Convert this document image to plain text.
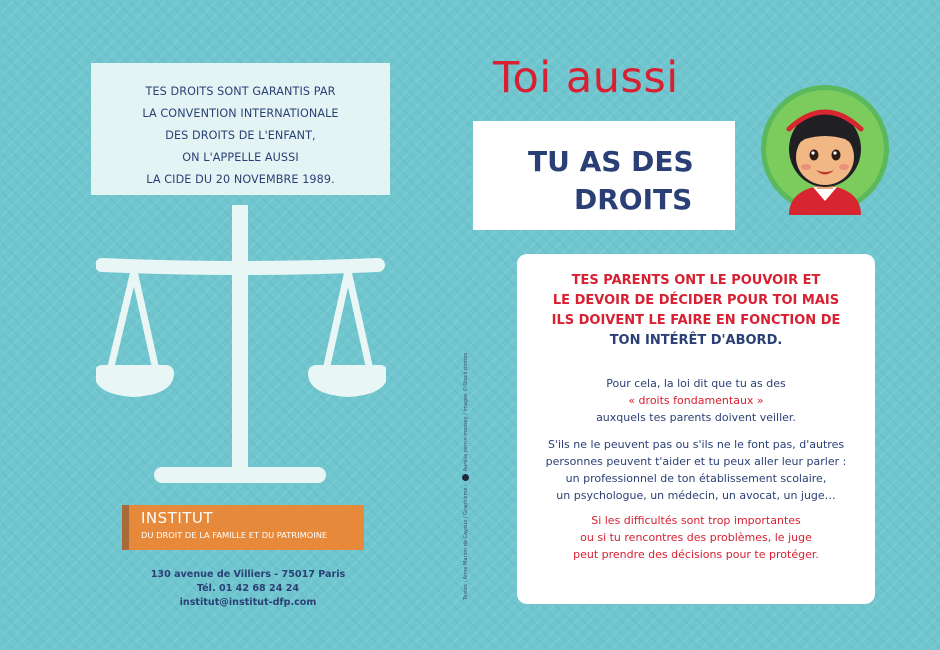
TES DROITS SONT GARANTIS PAR
LA CONVENTION INTERNATIONALE
DES DROITS DE L'ENFANT,
ON L'APPELLE AUSSI
LA CIDE DU 20 NOVEMBRE 1989.
INSTITUT
DU DROIT DE LA FAMILLE ET DU PATRIMOINE
130 avenue de Villiers - 75017 Paris
Tél. 01 42 68 24 24
institut@institut-dfp.com
Textes : Anne Marion de Cayeux / Graphisme :Aurélie perrin-messey / images ©iStock photos
Toi aussi
TU AS DES
DROITS
TES PARENTS ONT LE POUVOIR ET
LE DEVOIR DE DÉCIDER POUR TOI MAIS
ILS DOIVENT LE FAIRE EN FONCTION DE
TON INTÉRÊT D'ABORD.
Pour cela, la loi dit que tu as des
« droits fondamentaux »
auxquels tes parents doivent veiller.
S'ils ne le peuvent pas ou s'ils ne le font pas, d'autres
personnes peuvent t'aider et tu peux aller leur parler :
un professionnel de ton établissement scolaire,
un psychologue, un médecin, un avocat, un juge…
Si les difficultés sont trop importantes
ou si tu rencontres des problèmes, le juge
peut prendre des décisions pour te protéger.
